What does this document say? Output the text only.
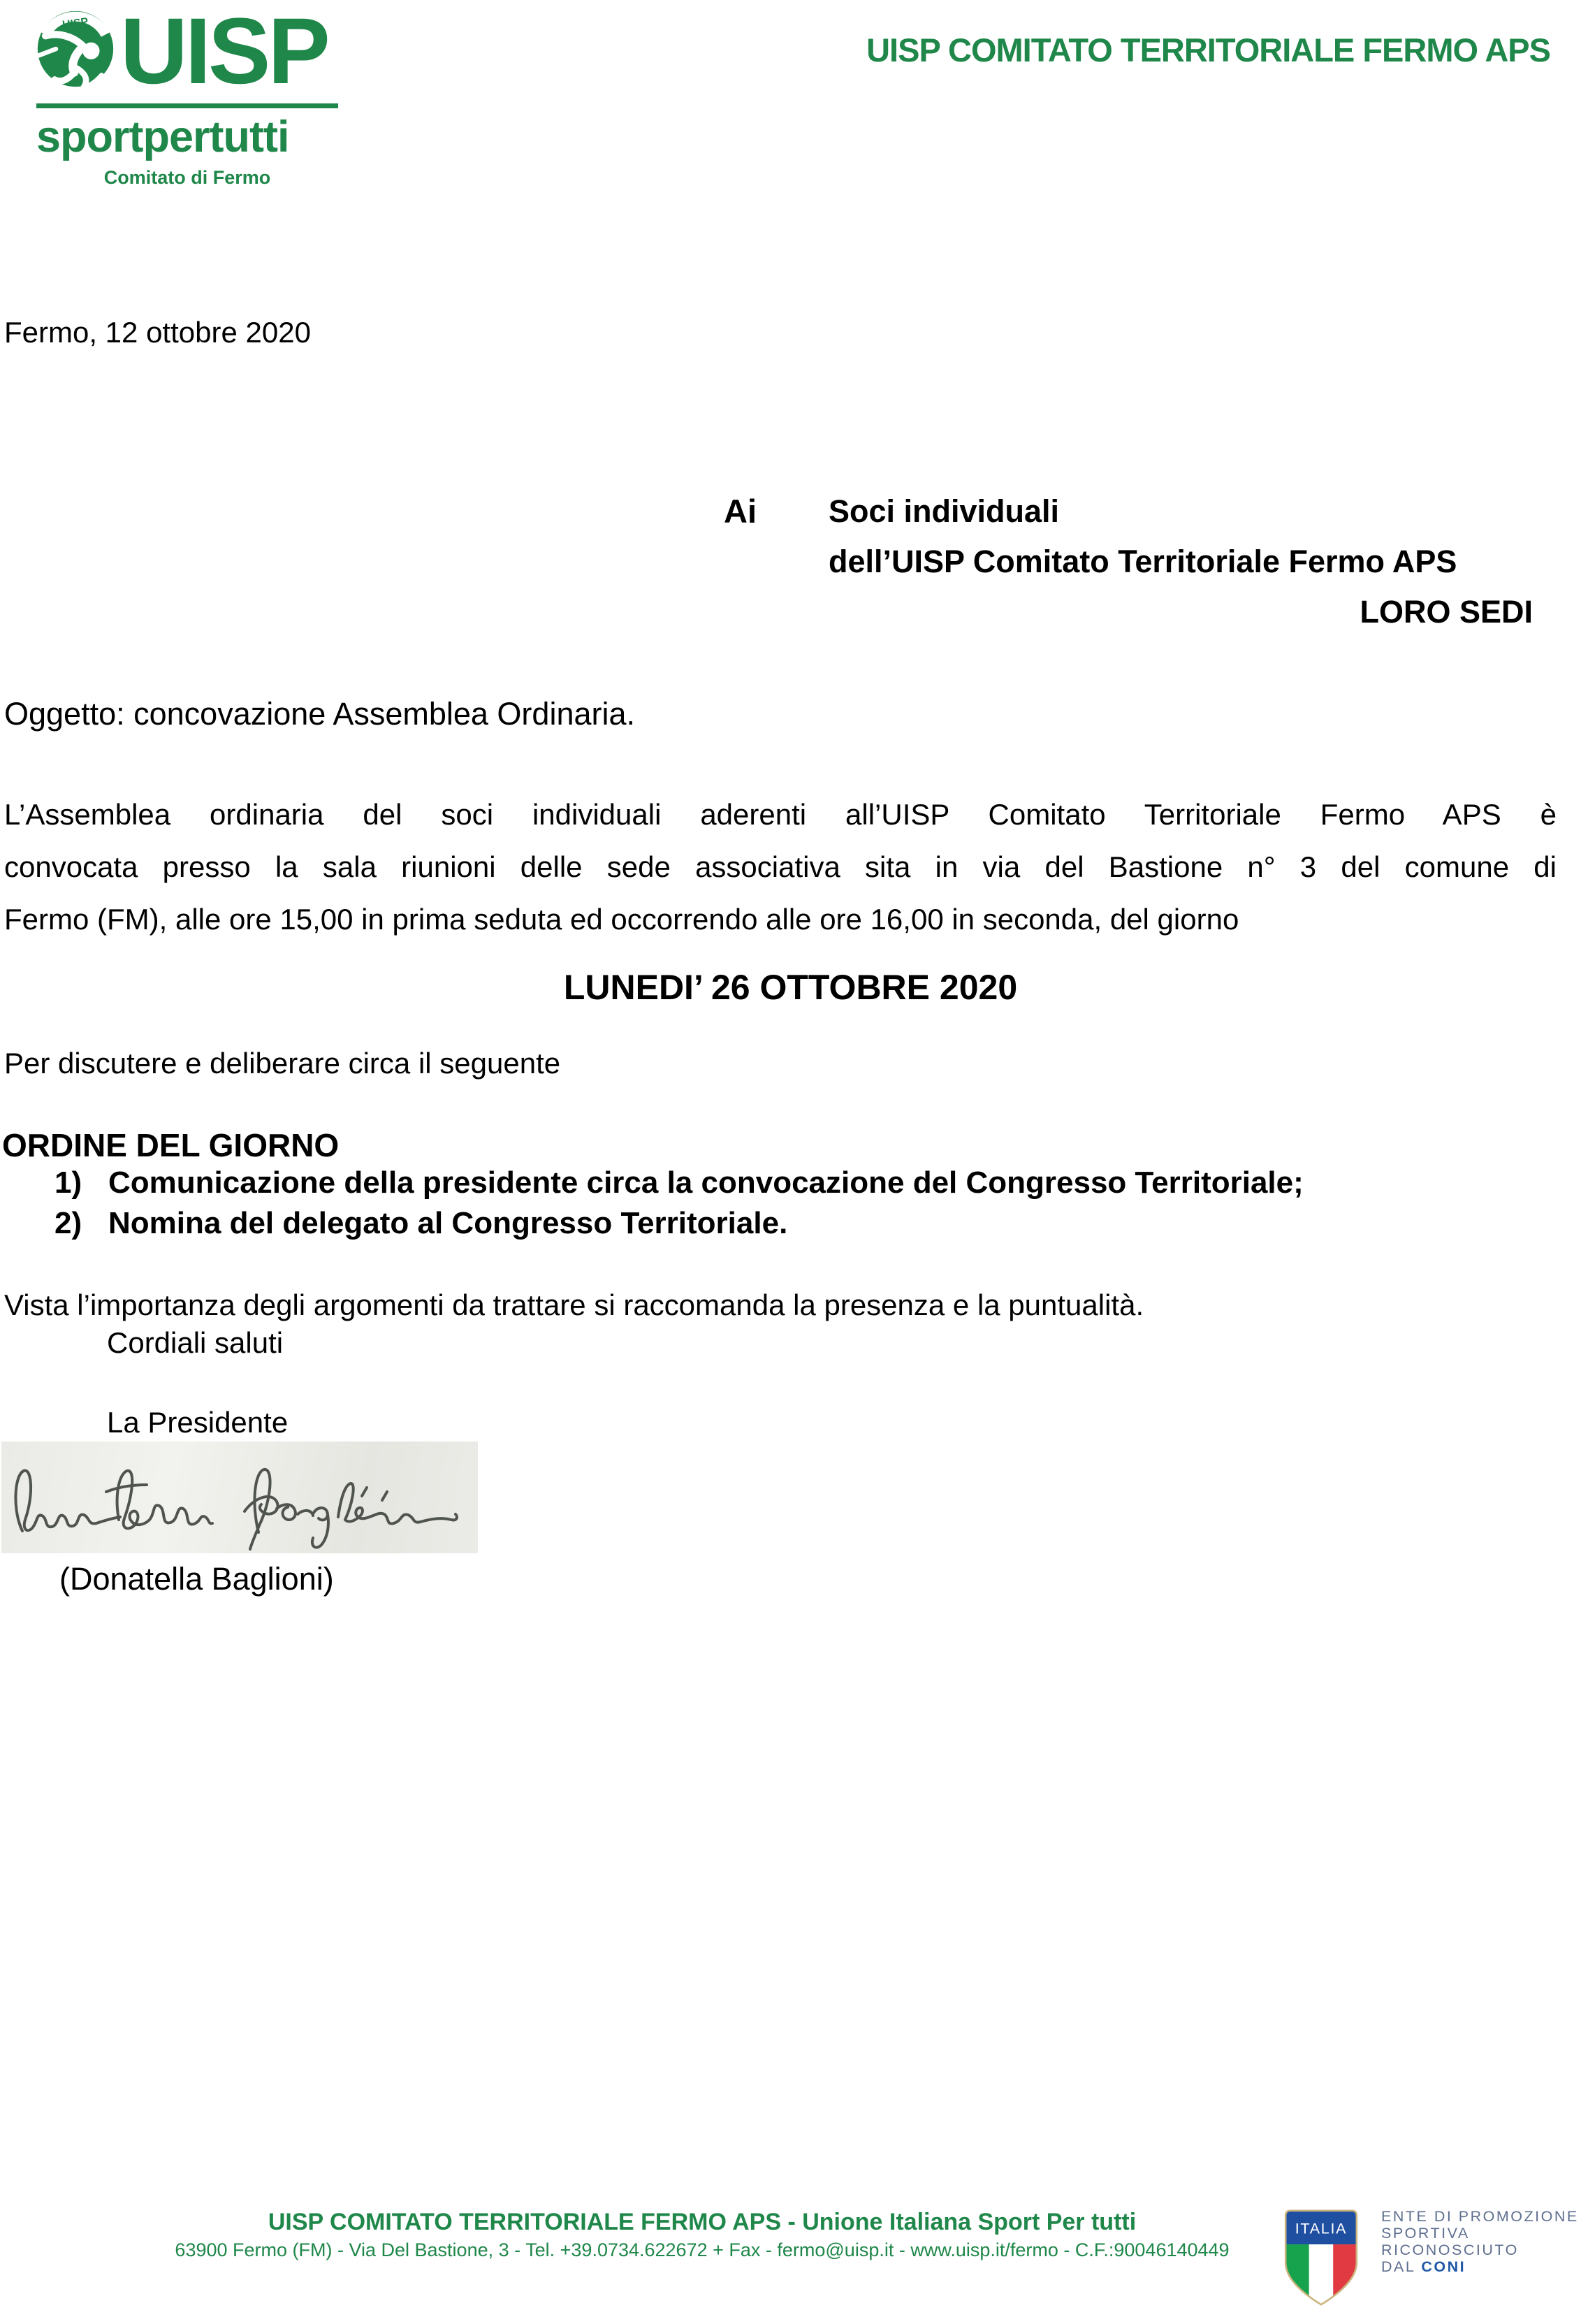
UISP UISP
sportpertutti
Comitato di Fermo
UISP COMITATO TERRITORIALE FERMO APS
Fermo, 12 ottobre 2020
Ai	Soci individuali
dell’UISP Comitato Territoriale Fermo APS
LORO SEDI
Oggetto: concovazione Assemblea Ordinaria.
L’Assemblea ordinaria del soci individuali aderenti all’UISP Comitato Territoriale Fermo APS è
convocata presso la sala riunioni delle sede associativa sita in via del Bastione n° 3 del comune di
Fermo (FM), alle ore 15,00 in prima seduta ed occorrendo alle ore 16,00 in seconda, del giorno
LUNEDI’ 26 OTTOBRE 2020
Per discutere e deliberare circa il seguente
ORDINE DEL GIORNO
1) Comunicazione della presidente circa la convocazione del Congresso Territoriale;
2) Nomina del delegato al Congresso Territoriale.
Vista l’importanza degli argomenti da trattare si raccomanda la presenza e la puntualità.
Cordiali saluti
La Presidente
(Donatella Baglioni)
UISP COMITATO TERRITORIALE FERMO APS - Unione Italiana Sport Per tutti
63900 Fermo (FM) - Via Del Bastione, 3 - Tel. +39.0734.622672 + Fax - fermo@uisp.it - www.uisp.it/fermo - C.F.:90046140449
ITALIA
ENTE DI PROMOZIONE
SPORTIVA
RICONOSCIUTO
DAL CONI
